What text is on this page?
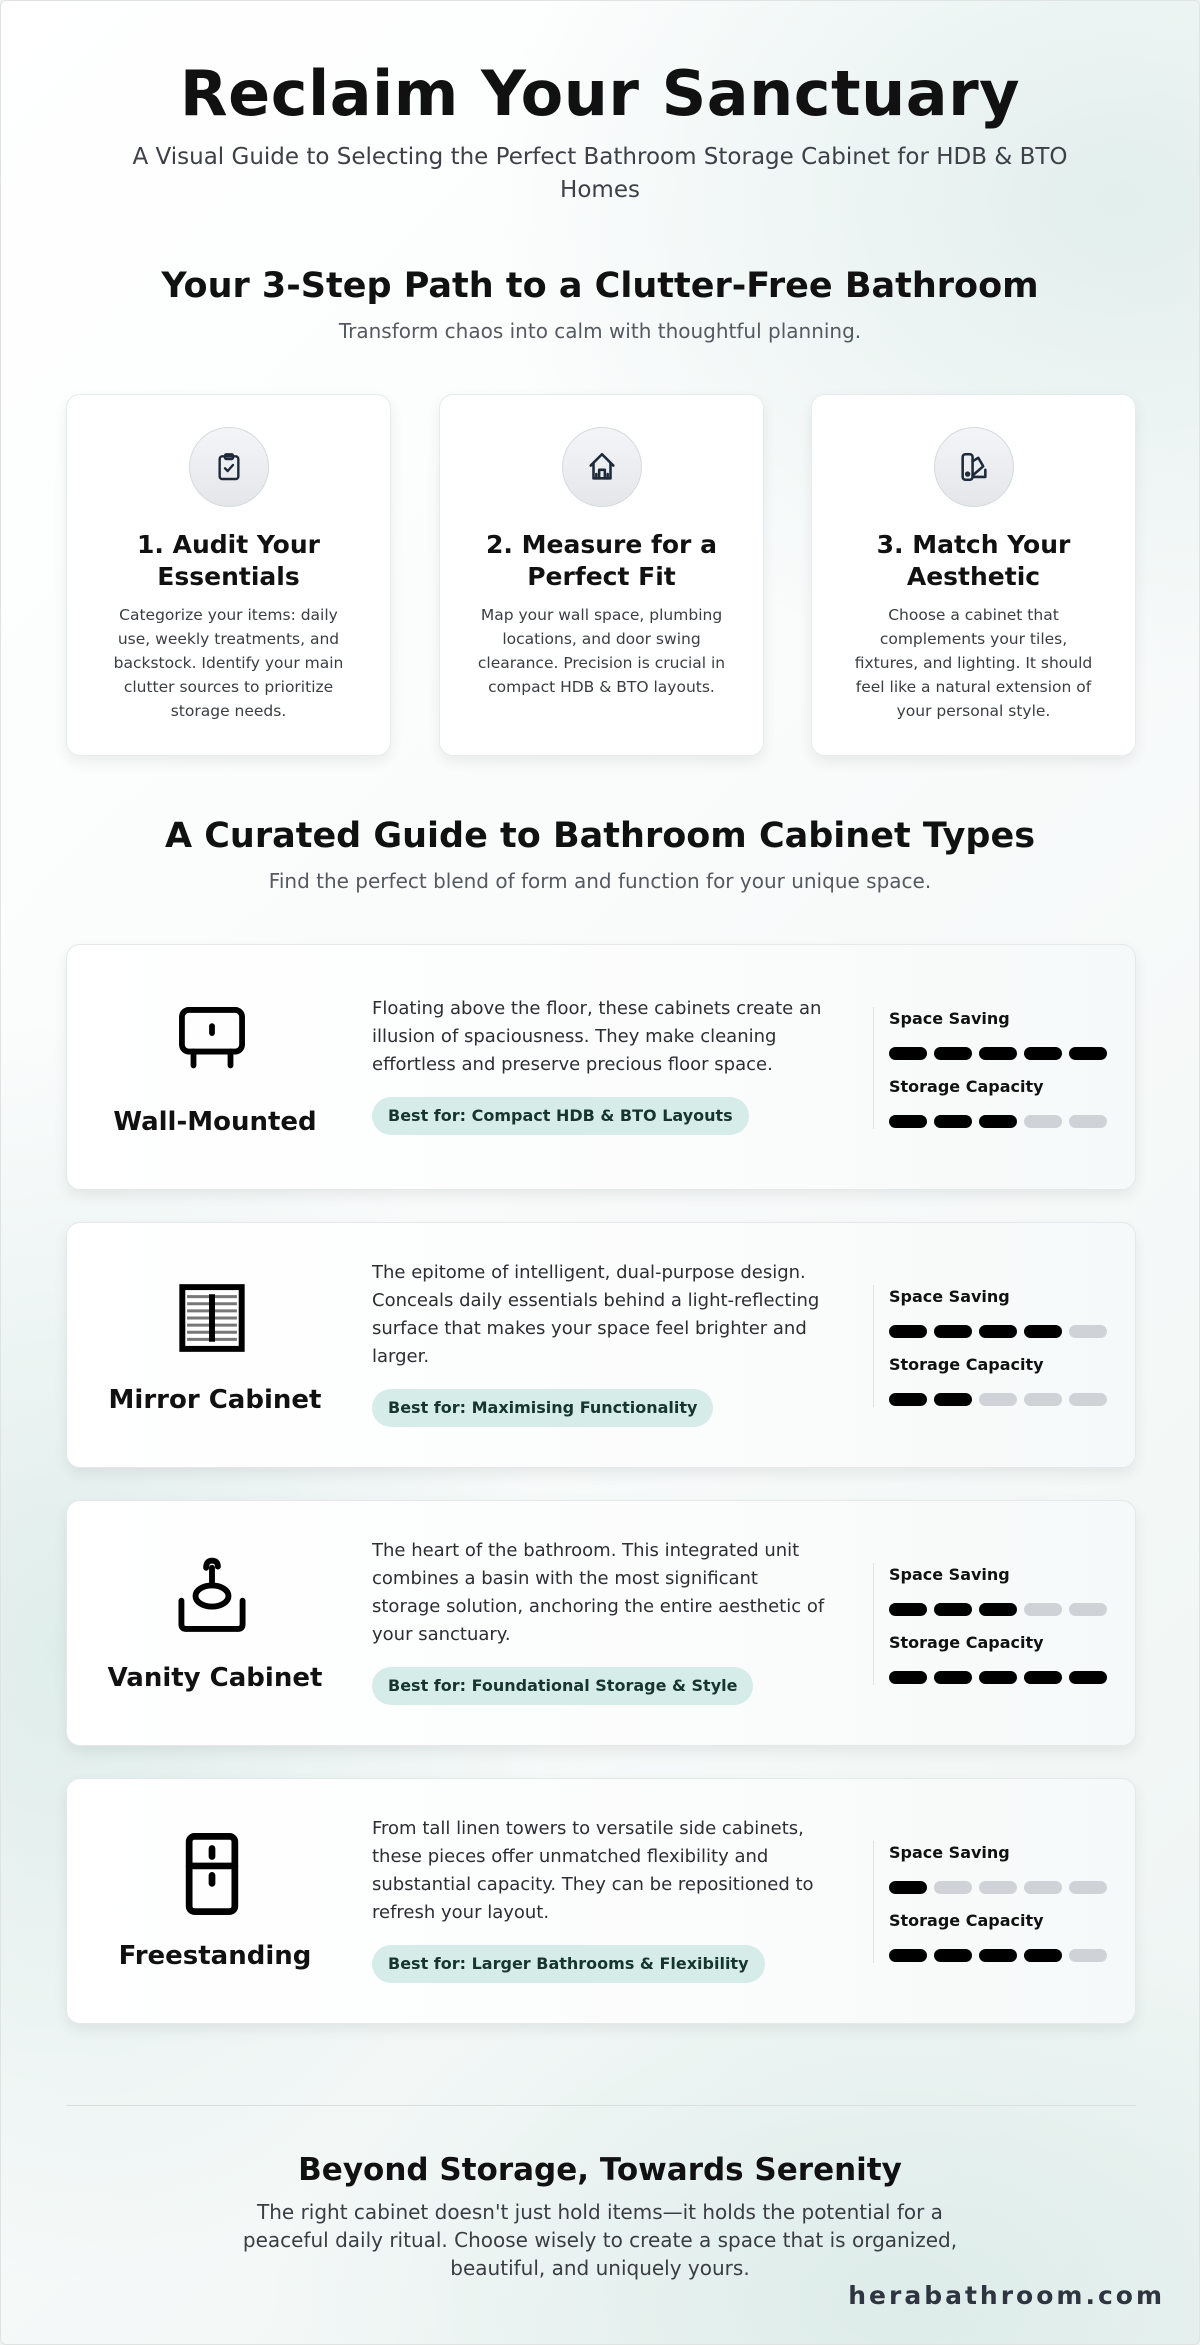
Reclaim Your Sanctuary

A Visual Guide to Selecting the Perfect Bathroom Storage Cabinet for HDB & BTO Homes

Your 3-Step Path to a Clutter-Free Bathroom

Transform chaos into calm with thoughtful planning.

1. Audit Your Essentials
Categorize your items: daily use, weekly treatments, and backstock. Identify your main clutter sources to prioritize storage needs.
2. Measure for a Perfect Fit
Map your wall space, plumbing locations, and door swing clearance. Precision is crucial in compact HDB & BTO layouts.
3. Match Your Aesthetic
Choose a cabinet that complements your tiles, fixtures, and lighting. It should feel like a natural extension of your personal style.
A Curated Guide to Bathroom Cabinet Types

Find the perfect blend of form and function for your unique space.

Wall-Mounted
Floating above the floor, these cabinets create an illusion of spaciousness. They make cleaning effortless and preserve precious floor space.
Best for: Compact HDB & BTO Layouts
Space Saving
Storage Capacity
Mirror Cabinet
The epitome of intelligent, dual-purpose design. Conceals daily essentials behind a light-reflecting surface that makes your space feel brighter and larger.
Best for: Maximising Functionality
Space Saving
Storage Capacity
Vanity Cabinet
The heart of the bathroom. This integrated unit combines a basin with the most significant storage solution, anchoring the entire aesthetic of your sanctuary.
Best for: Foundational Storage & Style
Space Saving
Storage Capacity
Freestanding
From tall linen towers to versatile side cabinets, these pieces offer unmatched flexibility and substantial capacity. They can be repositioned to refresh your layout.
Best for: Larger Bathrooms & Flexibility
Space Saving
Storage Capacity
Beyond Storage, Towards Serenity

The right cabinet doesn't just hold items—it holds the potential for a peaceful daily ritual. Choose wisely to create a space that is organized, beautiful, and uniquely yours.

herabathroom.com
